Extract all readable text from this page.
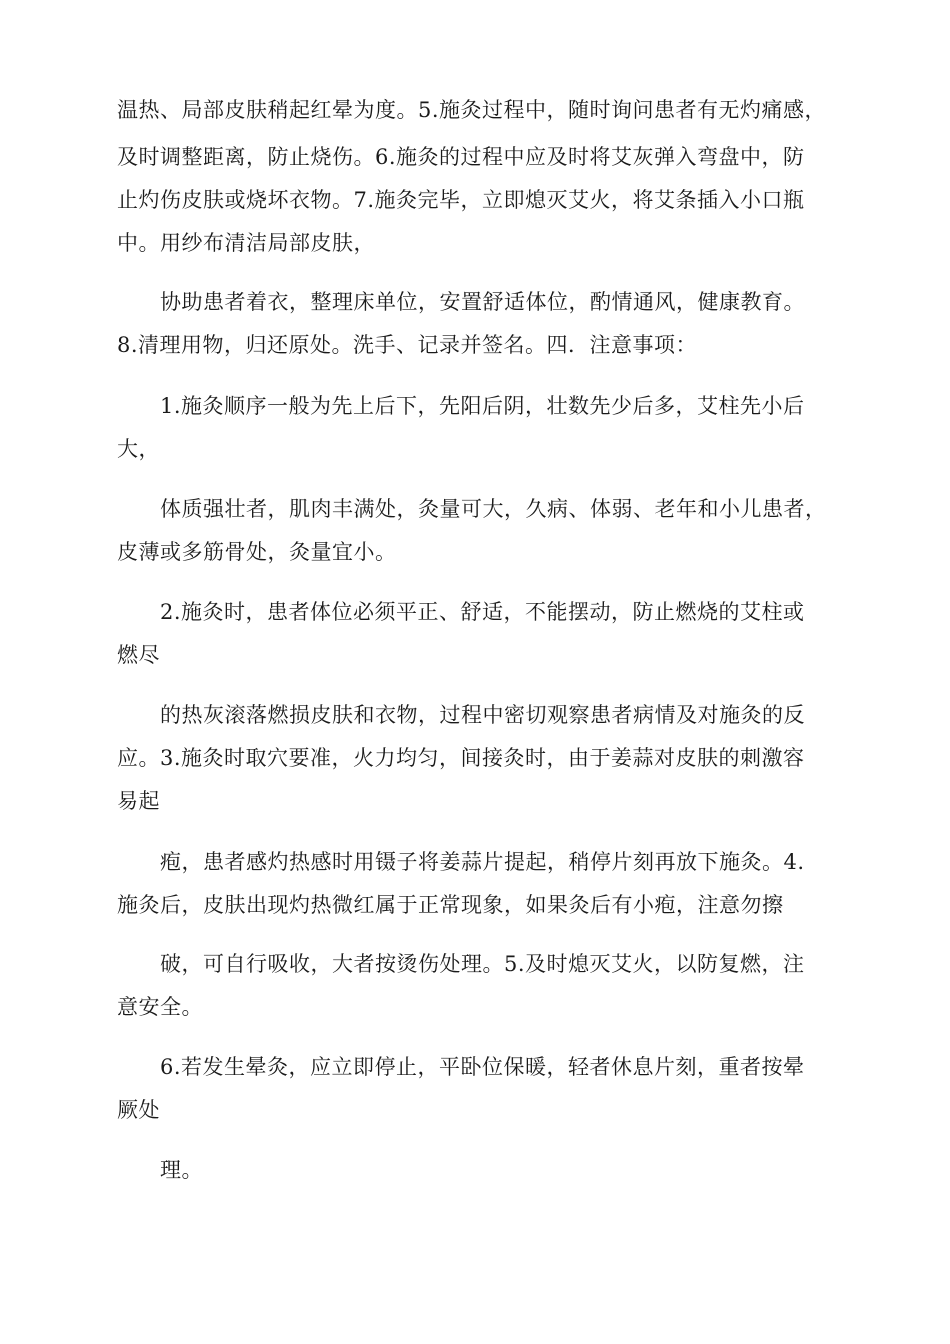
温热、局部皮肤稍起红晕为度。5.施灸过程中，随时询问患者有无灼痛感，
及时调整距离，防止烧伤。6.施灸的过程中应及时将艾灰弹入弯盘中，防
止灼伤皮肤或烧坏衣物。7.施灸完毕，立即熄灭艾火，将艾条插入小口瓶
中。用纱布清洁局部皮肤，
协助患者着衣，整理床单位，安置舒适体位，酌情通风，健康教育。
8.清理用物，归还原处。洗手、记录并签名。四．注意事项：
1.施灸顺序一般为先上后下，先阳后阴，壮数先少后多，艾柱先小后
大，
体质强壮者，肌肉丰满处，灸量可大，久病、体弱、老年和小儿患者，
皮薄或多筋骨处，灸量宜小。
2.施灸时，患者体位必须平正、舒适，不能摆动，防止燃烧的艾柱或
燃尽
的热灰滚落燃损皮肤和衣物，过程中密切观察患者病情及对施灸的反
应。3.施灸时取穴要准，火力均匀，间接灸时，由于姜蒜对皮肤的刺激容
易起
疱，患者感灼热感时用镊子将姜蒜片提起，稍停片刻再放下施灸。4.
施灸后，皮肤出现灼热微红属于正常现象，如果灸后有小疱，注意勿擦
破，可自行吸收，大者按烫伤处理。5.及时熄灭艾火，以防复燃，注
意安全。
6.若发生晕灸，应立即停止，平卧位保暖，轻者休息片刻，重者按晕
厥处
理。
